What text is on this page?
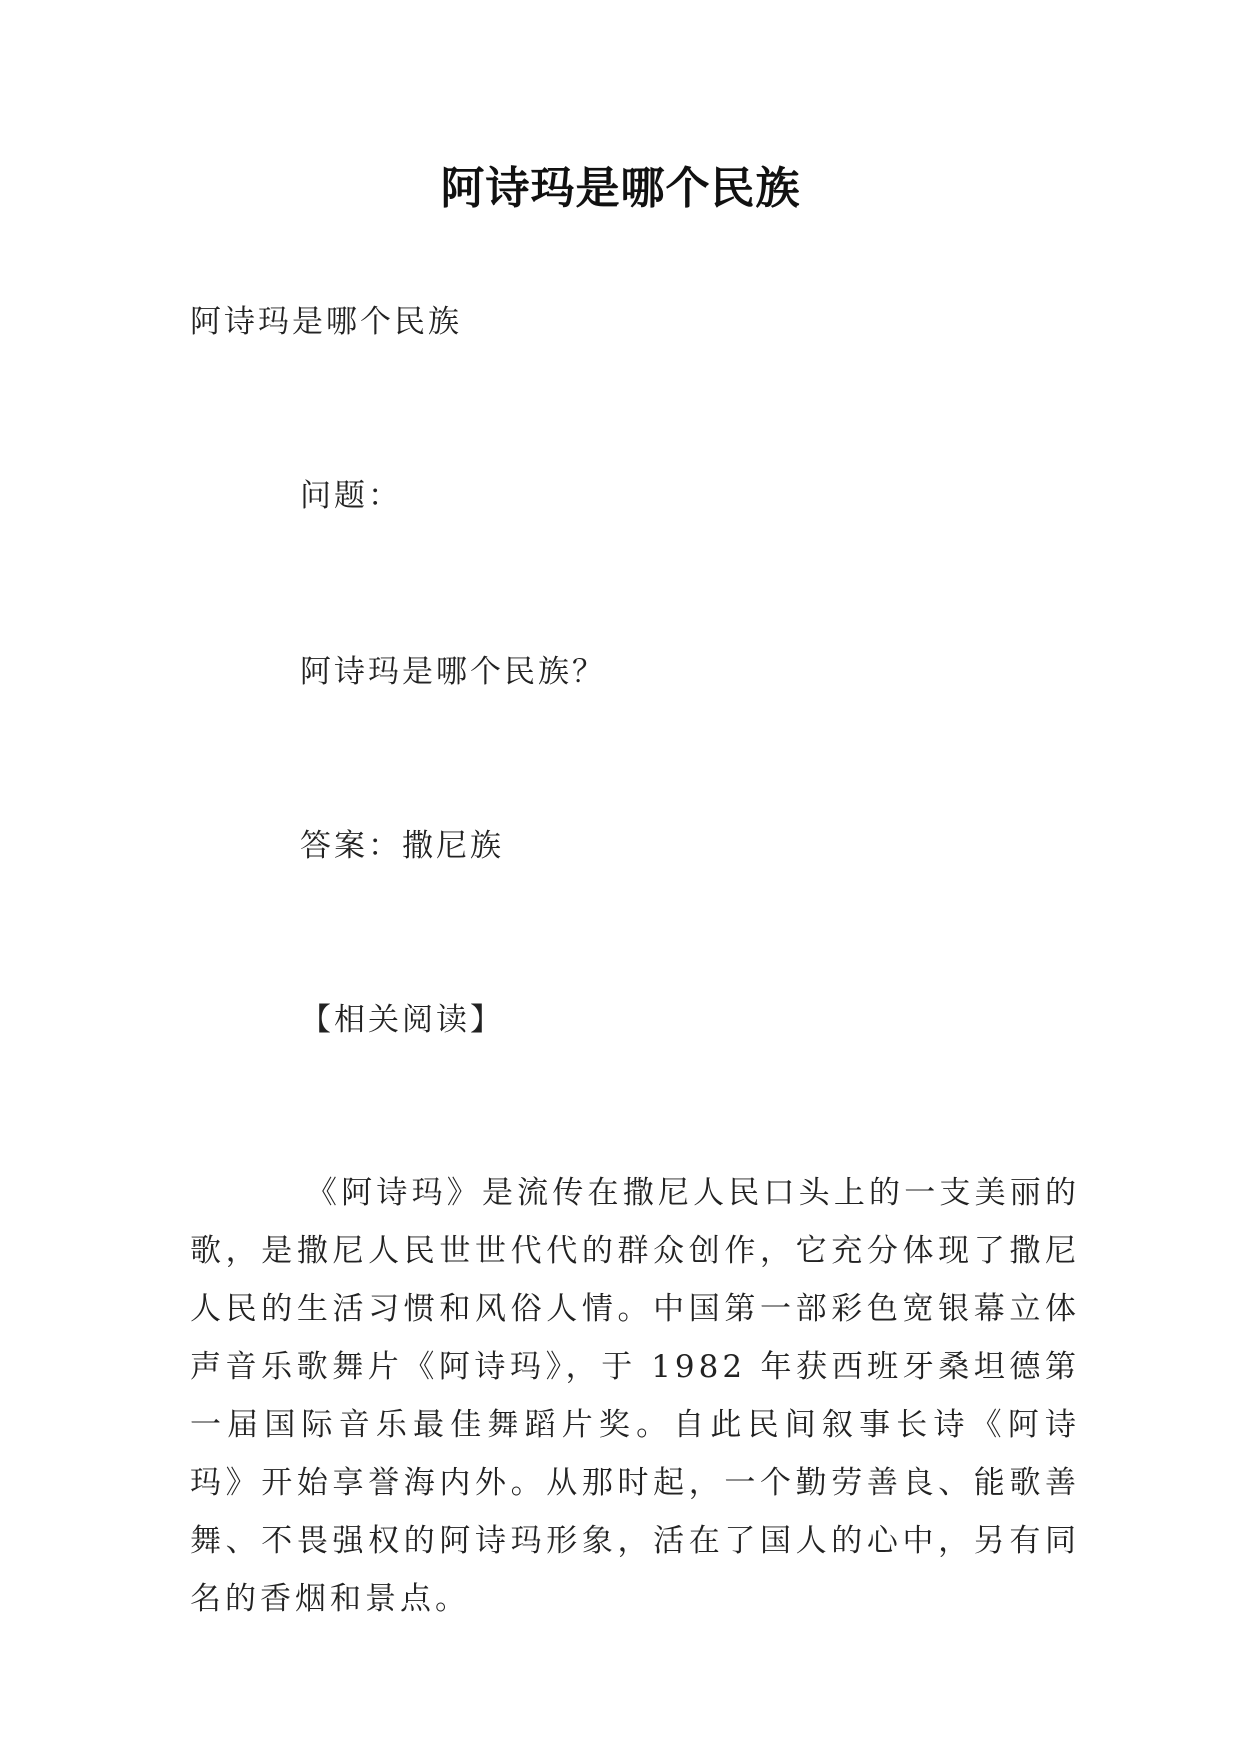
阿诗玛是哪个民族

阿诗玛是哪个民族

问题：

阿诗玛是哪个民族？

答案：撒尼族

【相关阅读】

《阿诗玛》是流传在撒尼人民口头上的一支美丽的歌，是撒尼人民世世代代的群众创作，它充分体现了撒尼人民的生活习惯和风俗人情。中国第一部彩色宽银幕立体声音乐歌舞片《阿诗玛》，于 1982 年获西班牙桑坦德第一届国际音乐最佳舞蹈片奖。自此民间叙事长诗《阿诗玛》开始享誉海内外。从那时起，一个勤劳善良、能歌善舞、不畏强权的阿诗玛形象，活在了国人的心中，另有同名的香烟和景点。
